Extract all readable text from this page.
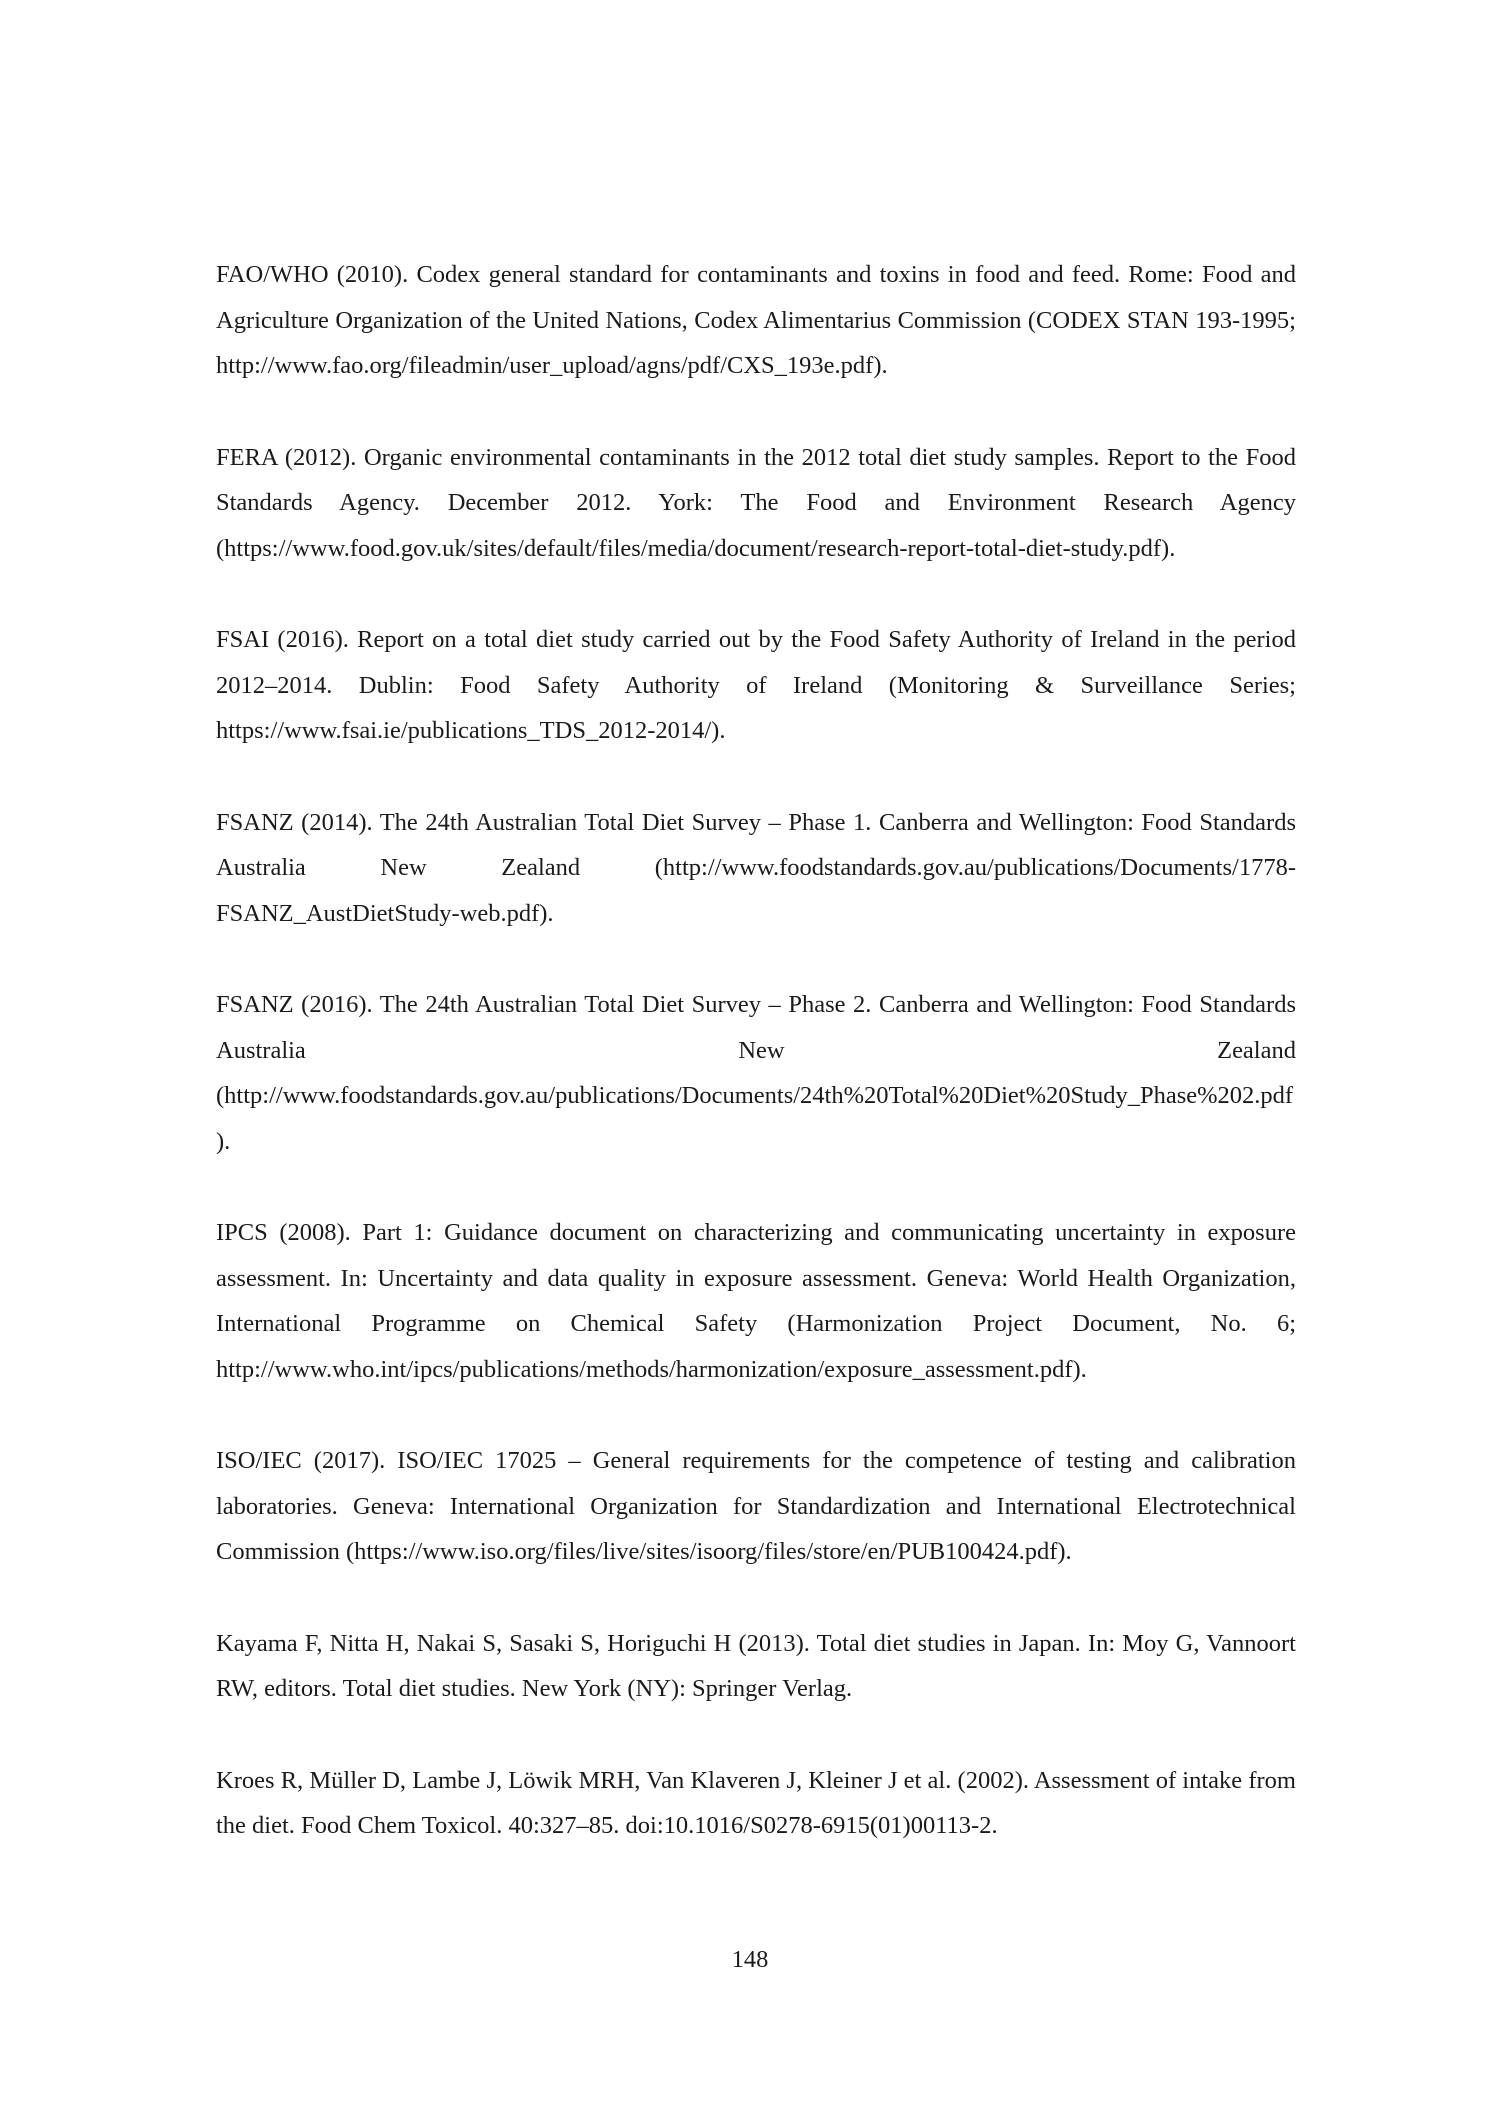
FAO/WHO (2010). Codex general standard for contaminants and toxins in food and feed. Rome: Food and Agriculture Organization of the United Nations, Codex Alimentarius Commission (CODEX STAN 193-1995; http://www.fao.org/fileadmin/user_upload/agns/pdf/CXS_193e.pdf).

FERA (2012). Organic environmental contaminants in the 2012 total diet study samples. Report to the Food Standards Agency. December 2012. York: The Food and Environment Research Agency (https://www.food.gov.uk/sites/default/files/media/document/research-report-total-diet-study.pdf).

FSAI (2016). Report on a total diet study carried out by the Food Safety Authority of Ireland in the period 2012–2014. Dublin: Food Safety Authority of Ireland (Monitoring & Surveillance Series; https://www.fsai.ie/publications_TDS_2012-2014/).

FSANZ (2014). The 24th Australian Total Diet Survey – Phase 1. Canberra and Wellington: Food Standards Australia New Zealand (http://www.foodstandards.gov.au/publications/Documents/1778-FSANZ_AustDietStudy-web.pdf).

FSANZ (2016). The 24th Australian Total Diet Survey – Phase 2. Canberra and Wellington: Food Standards Australia New Zealand (http://www.foodstandards.gov.au/publications/Documents/24th%20Total%20Diet%20Study_Phase%202.pdf).

IPCS (2008). Part 1: Guidance document on characterizing and communicating uncertainty in exposure assessment. In: Uncertainty and data quality in exposure assessment. Geneva: World Health Organization, International Programme on Chemical Safety (Harmonization Project Document, No. 6; http://www.who.int/ipcs/publications/methods/harmonization/exposure_assessment.pdf).

ISO/IEC (2017). ISO/IEC 17025 – General requirements for the competence of testing and calibration laboratories. Geneva: International Organization for Standardization and International Electrotechnical Commission (https://www.iso.org/files/live/sites/isoorg/files/store/en/PUB100424.pdf).

Kayama F, Nitta H, Nakai S, Sasaki S, Horiguchi H (2013). Total diet studies in Japan. In: Moy G, Vannoort RW, editors. Total diet studies. New York (NY): Springer Verlag.

Kroes R, Müller D, Lambe J, Löwik MRH, Van Klaveren J, Kleiner J et al. (2002). Assessment of intake from the diet. Food Chem Toxicol. 40:327–85. doi:10.1016/S0278-6915(01)00113-2.

148
